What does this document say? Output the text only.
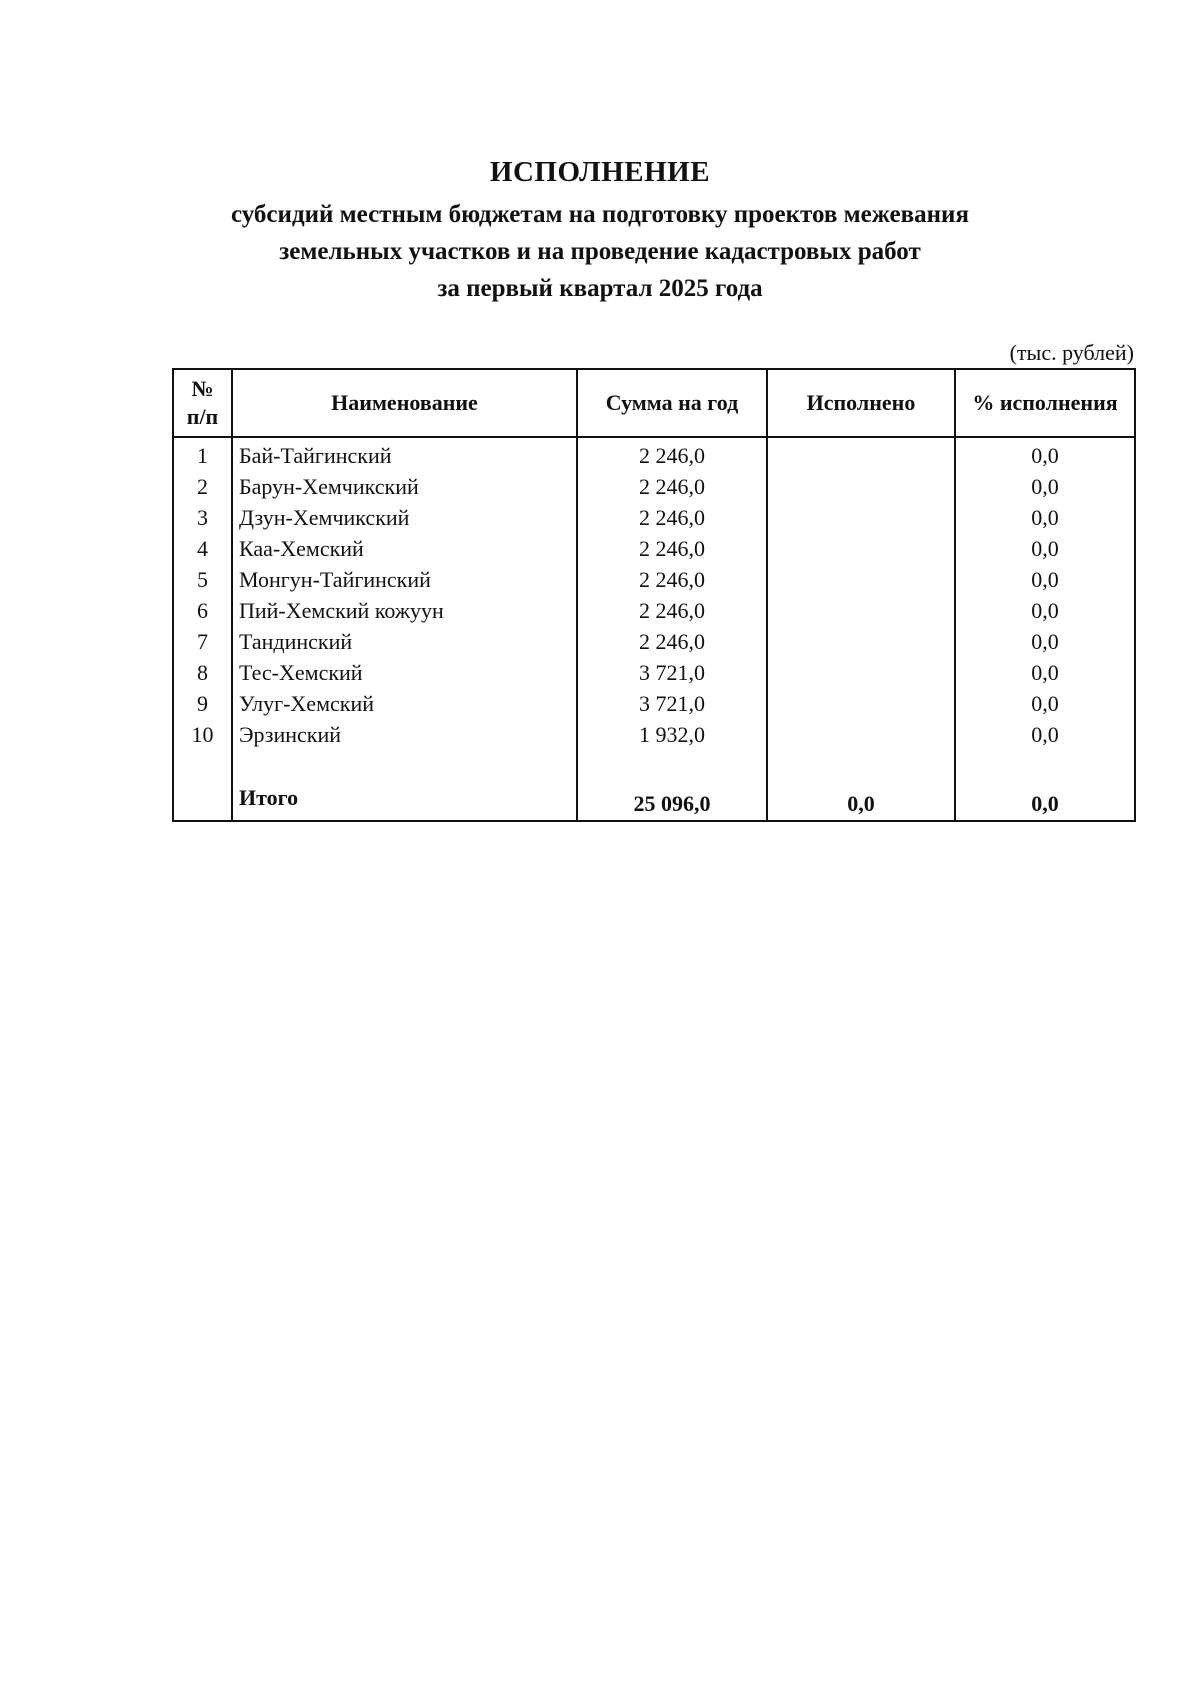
ИСПОЛНЕНИЕ

субсидий местным бюджетам на подготовку проектов межевания
земельных участков и на проведение кадастровых работ
за первый квартал 2025 года

(тыс. рублей)
№
п/п	Наименование	Сумма на год	Исполнено	% исполнения
1	Бай-Тайгинский	2 246,0		0,0
2	Барун-Хемчикский	2 246,0		0,0
3	Дзун-Хемчикский	2 246,0		0,0
4	Каа-Хемский	2 246,0		0,0
5	Монгун-Тайгинский	2 246,0		0,0
6	Пий-Хемский кожуун	2 246,0		0,0
7	Тандинский	2 246,0		0,0
8	Тес-Хемский	3 721,0		0,0
9	Улуг-Хемский	3 721,0		0,0
10	Эрзинский	1 932,0		0,0

	Итого	25 096,0	0,0	0,0
